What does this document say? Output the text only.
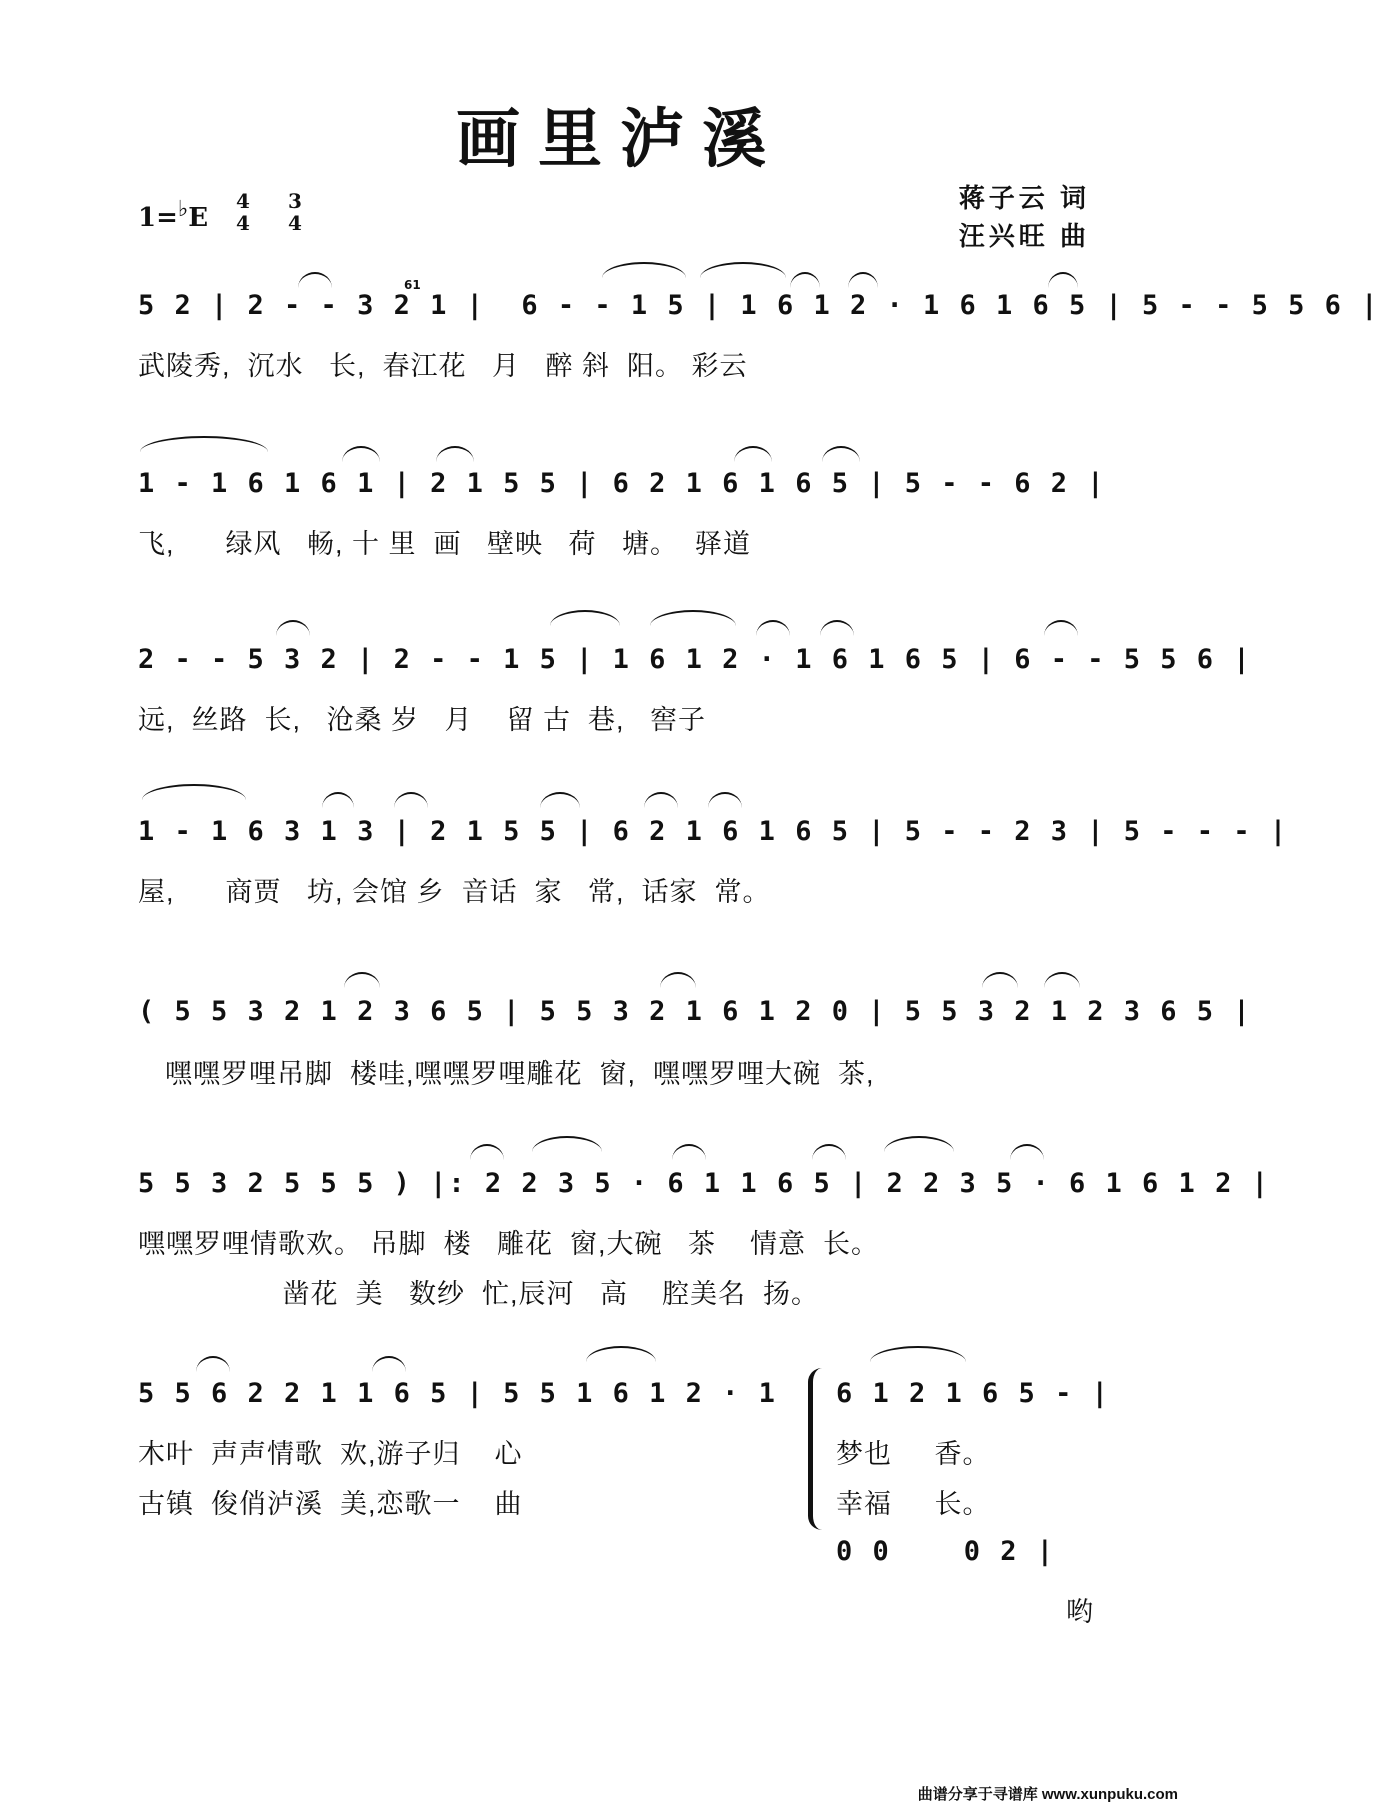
画里泸溪
1=♭E
4
4
3
4
蒋子云 词
汪兴旺 曲
5 2 | 2 - - 3 2 1 |  6 - - 1 5 | 1 6 1 2 · 1 6 1 6 5 | 5 - - 5 5 6 |
武陵秀,  沉水   长,  春江花   月   醉 斜  阳。 彩云
61
1 - 1 6 1 6 1 | 2 1 5 5 | 6 2 1 6 1 6 5 | 5 - - 6 2 |
飞,      绿风   畅, 十 里  画   壁映   荷   塘。  驿道
2 - - 5 3 2 | 2 - - 1 5 | 1 6 1 2 · 1 6 1 6 5 | 6 - - 5 5 6 |
远,  丝路  长,   沧桑 岁   月    留 古  巷,   窖子
1 - 1 6 3 1 3 | 2 1 5 5 | 6 2 1 6 1 6 5 | 5 - - 2 3 | 5 - - - |
屋,      商贾   坊, 会馆 乡  音话  家   常,  话家  常。
( 5 5 3 2 1 2 3 6 5 | 5 5 3 2 1 6 1 2 0 | 5 5 3 2 1 2 3 6 5 |
嘿嘿罗哩吊脚  楼哇,嘿嘿罗哩雕花  窗,  嘿嘿罗哩大碗  茶,
5 5 3 2 5 5 5 ) |: 2 2 3 5 · 6 1 1 6 5 | 2 2 3 5 · 6 1 6 1 2 |
嘿嘿罗哩情歌欢。 吊脚  楼   雕花  窗,大碗   茶    情意  长。
凿花  美   数纱  忙,辰河   高    腔美名  扬。
5 5 6 2 2 1 1 6 5 | 5 5 1 6 1 2 · 1
木叶  声声情歌  欢,游子归    心
古镇  俊俏泸溪  美,恋歌一    曲
6 1 2 1 6 5 - |
梦也     香。
幸福     长。
0 0    0 2 |
哟
曲谱分享于寻谱库 www.xunpuku.com
